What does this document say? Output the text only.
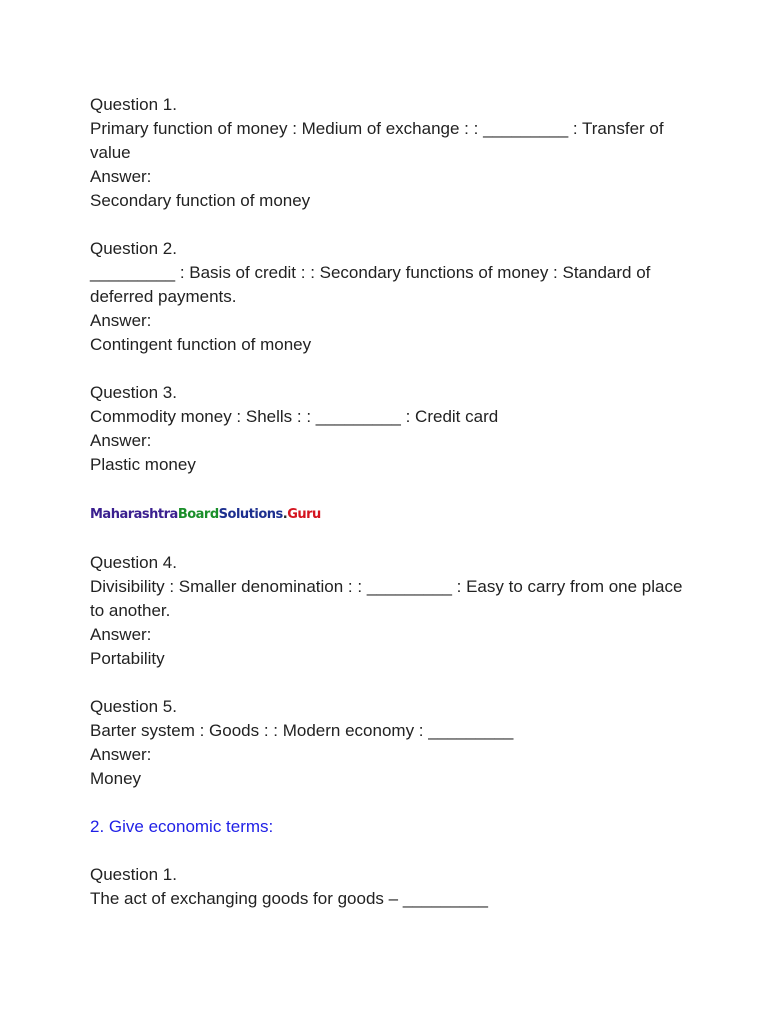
Question 1.
Primary function of money : Medium of exchange : : _________ : Transfer of value
Answer:
Secondary function of money
Question 2.
_________ : Basis of credit : : Secondary functions of money : Standard of deferred payments.
Answer:
Contingent function of money
Question 3.
Commodity money : Shells : : _________ : Credit card
Answer:
Plastic money
MaharashtraBoardSolutions.Guru
Question 4.
Divisibility : Smaller denomination : : _________ : Easy to carry from one place to another.
Answer:
Portability
Question 5.
Barter system : Goods : : Modern economy : _________
Answer:
Money
2. Give economic terms:
Question 1.
The act of exchanging goods for goods – _________
